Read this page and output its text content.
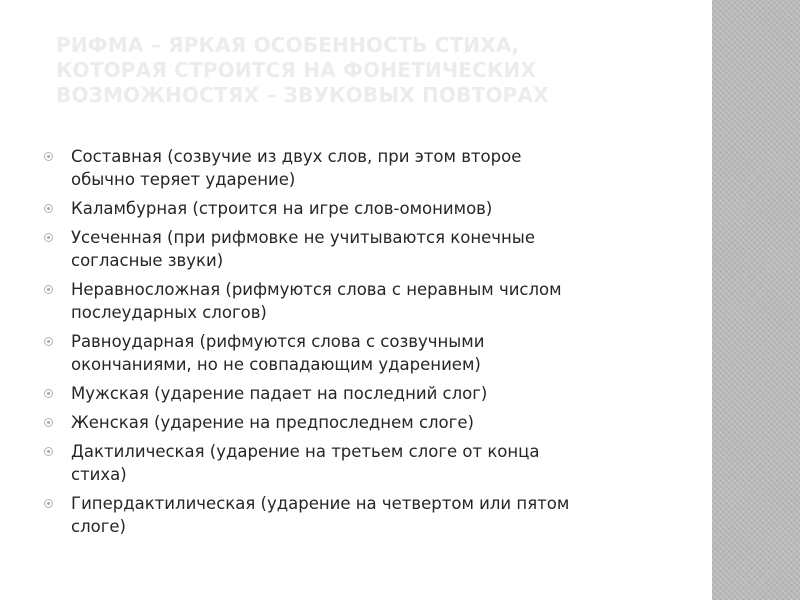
РИФМА – ЯРКАЯ ОСОБЕННОСТЬ СТИХА,
КОТОРАЯ СТРОИТСЯ НА ФОНЕТИЧЕСКИХ
ВОЗМОЖНОСТЯХ – ЗВУКОВЫХ ПОВТОРАХ
Составная (созвучие из двух слов, при этом второе
обычно теряет ударение)
Каламбурная (строится на игре слов-омонимов)
Усеченная (при рифмовке не учитываются конечные
согласные звуки)
Неравносложная (рифмуются слова с неравным числом
послеударных слогов)
Равноударная (рифмуются слова с созвучными
окончаниями, но не совпадающим ударением)
Мужская (ударение падает на последний слог)
Женская (ударение на предпоследнем слоге)
Дактилическая (ударение на третьем слоге от конца
стиха)
Гипердактилическая (ударение на четвертом или пятом
слоге)
